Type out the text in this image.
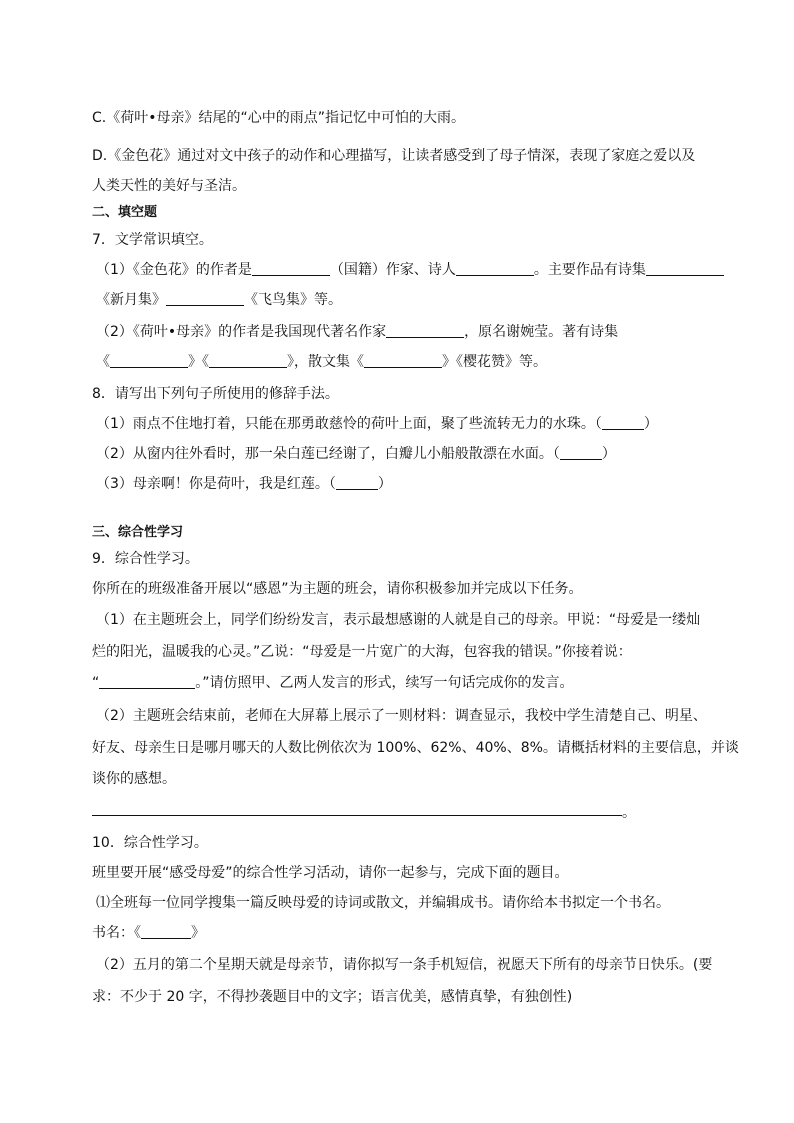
C.《荷叶•母亲》结尾的“心中的雨点”指记忆中可怕的大雨。
D.《金色花》通过对文中孩子的动作和心理描写，让读者感受到了母子情深，表现了家庭之爱以及
人类天性的美好与圣洁。
二、填空题
7．文学常识填空。
（1）《金色花》的作者是	（国籍）作家、诗人	。主要作品有诗集
《新月集》	《飞鸟集》等。
（2）《荷叶•母亲》的作者是我国现代著名作家	，原名谢婉莹。著有诗集
《	》《	》，散文集《	》《樱花赞》等。
8．请写出下列句子所使用的修辞手法。
（1）雨点不住地打着，只能在那勇敢慈怜的荷叶上面，聚了些流转无力的水珠。（	）
（2）从窗内往外看时，那一朵白莲已经谢了，白瓣儿小船般散漂在水面。（	）
（3）母亲啊！你是荷叶，我是红莲。（	）
三、综合性学习
9．综合性学习。
你所在的班级准备开展以“感恩”为主题的班会，请你积极参加并完成以下任务。
（1）在主题班会上，同学们纷纷发言，表示最想感谢的人就是自己的母亲。甲说：“母爱是一缕灿
烂的阳光，温暖我的心灵。”乙说：“母爱是一片宽广的大海，包容我的错误。”你接着说：
“	。”请仿照甲、乙两人发言的形式，续写一句话完成你的发言。
（2）主题班会结束前，老师在大屏幕上展示了一则材料：调查显示，我校中学生清楚自己、明星、
好友、母亲生日是哪月哪天的人数比例依次为 100%、62%、40%、8%。请概括材料的主要信息，并谈
谈你的感想。
。
10．综合性学习。
班里要开展“感受母爱”的综合性学习活动，请你一起参与，完成下面的题目。
⑴全班每一位同学搜集一篇反映母爱的诗词或散文，并编辑成书。请你给本书拟定一个书名。
书名：《	》
（2）五月的第二个星期天就是母亲节，请你拟写一条手机短信，祝愿天下所有的母亲节日快乐。(要
求：不少于 20 字，不得抄袭题目中的文字；语言优美，感情真挚，有独创性)
